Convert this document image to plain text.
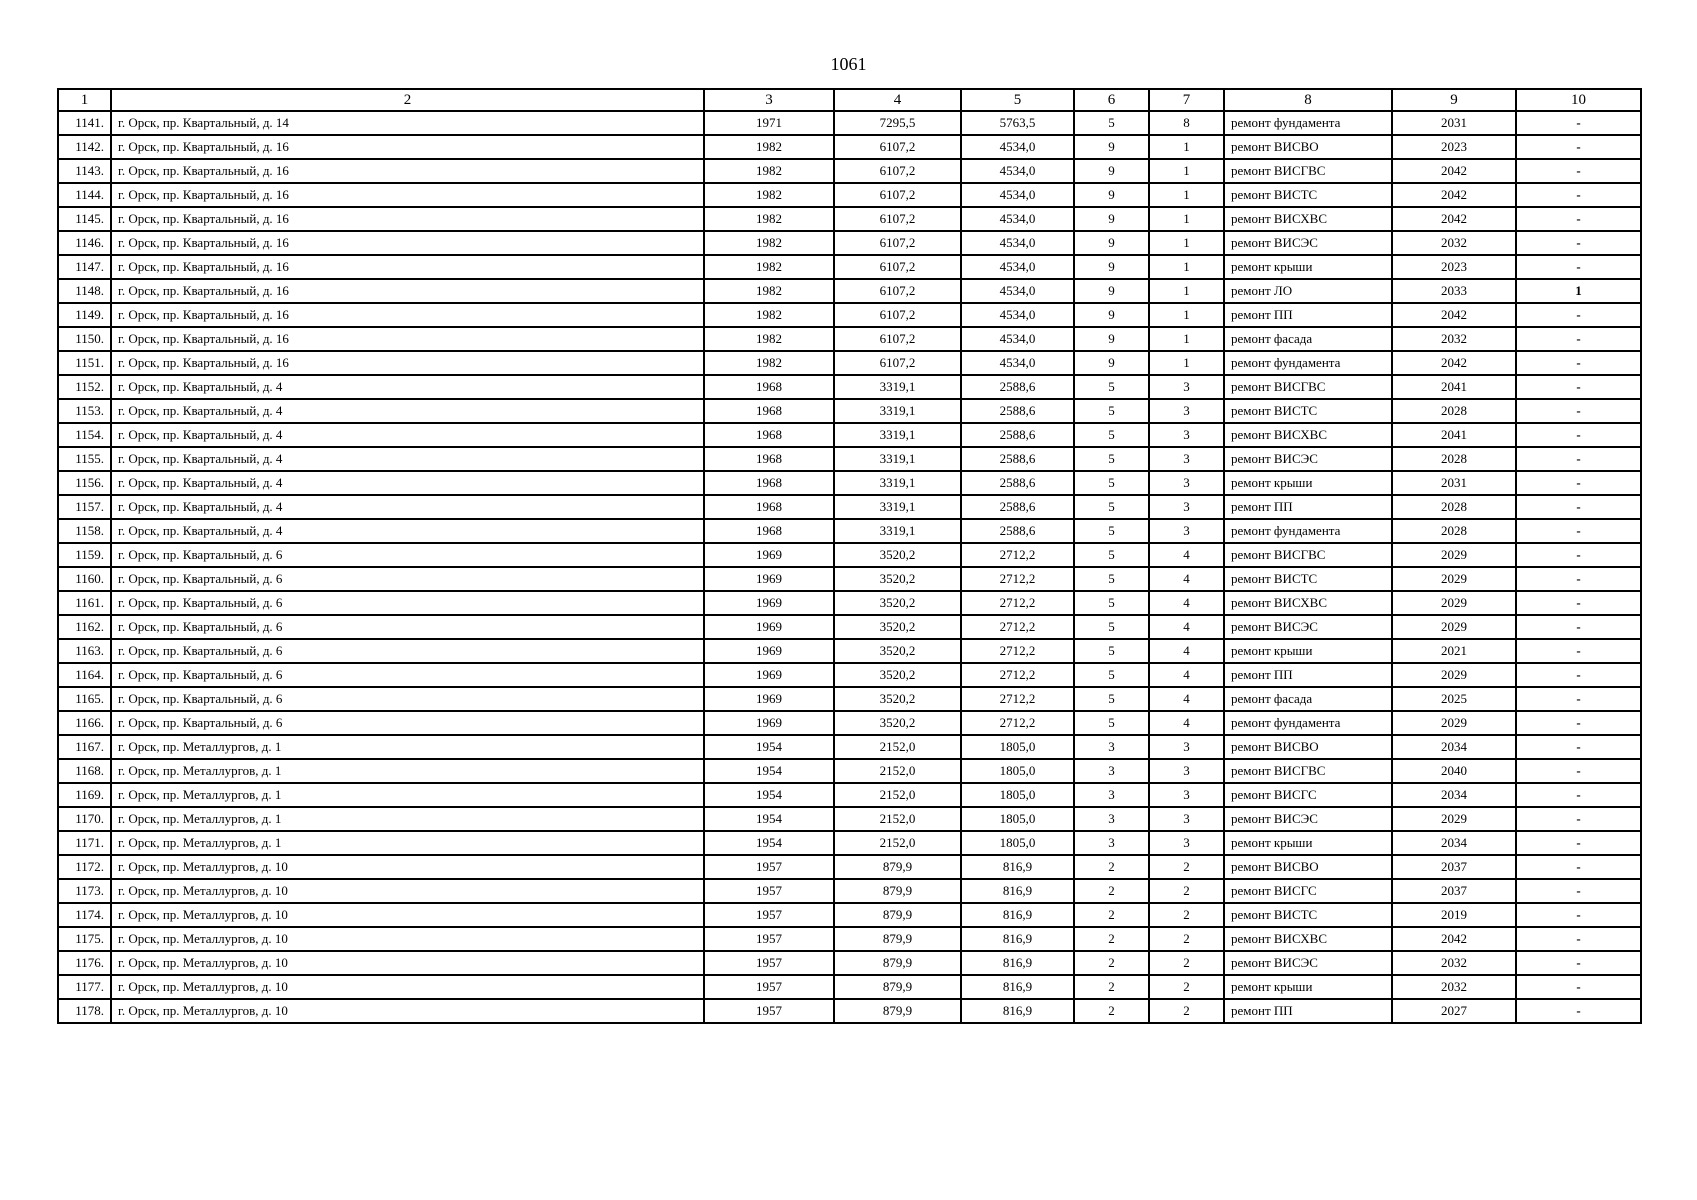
1061
1	2	3	4	5	6	7	8	9	10
1141.	г. Орск, пр. Квартальный, д. 14	1971	7295,5	5763,5	5	8	ремонт фундамента	2031	-
1142.	г. Орск, пр. Квартальный, д. 16	1982	6107,2	4534,0	9	1	ремонт ВИСВО	2023	-
1143.	г. Орск, пр. Квартальный, д. 16	1982	6107,2	4534,0	9	1	ремонт ВИСГВС	2042	-
1144.	г. Орск, пр. Квартальный, д. 16	1982	6107,2	4534,0	9	1	ремонт ВИСТС	2042	-
1145.	г. Орск, пр. Квартальный, д. 16	1982	6107,2	4534,0	9	1	ремонт ВИСХВС	2042	-
1146.	г. Орск, пр. Квартальный, д. 16	1982	6107,2	4534,0	9	1	ремонт ВИСЭС	2032	-
1147.	г. Орск, пр. Квартальный, д. 16	1982	6107,2	4534,0	9	1	ремонт крыши	2023	-
1148.	г. Орск, пр. Квартальный, д. 16	1982	6107,2	4534,0	9	1	ремонт ЛО	2033	1
1149.	г. Орск, пр. Квартальный, д. 16	1982	6107,2	4534,0	9	1	ремонт ПП	2042	-
1150.	г. Орск, пр. Квартальный, д. 16	1982	6107,2	4534,0	9	1	ремонт фасада	2032	-
1151.	г. Орск, пр. Квартальный, д. 16	1982	6107,2	4534,0	9	1	ремонт фундамента	2042	-
1152.	г. Орск, пр. Квартальный, д. 4	1968	3319,1	2588,6	5	3	ремонт ВИСГВС	2041	-
1153.	г. Орск, пр. Квартальный, д. 4	1968	3319,1	2588,6	5	3	ремонт ВИСТС	2028	-
1154.	г. Орск, пр. Квартальный, д. 4	1968	3319,1	2588,6	5	3	ремонт ВИСХВС	2041	-
1155.	г. Орск, пр. Квартальный, д. 4	1968	3319,1	2588,6	5	3	ремонт ВИСЭС	2028	-
1156.	г. Орск, пр. Квартальный, д. 4	1968	3319,1	2588,6	5	3	ремонт крыши	2031	-
1157.	г. Орск, пр. Квартальный, д. 4	1968	3319,1	2588,6	5	3	ремонт ПП	2028	-
1158.	г. Орск, пр. Квартальный, д. 4	1968	3319,1	2588,6	5	3	ремонт фундамента	2028	-
1159.	г. Орск, пр. Квартальный, д. 6	1969	3520,2	2712,2	5	4	ремонт ВИСГВС	2029	-
1160.	г. Орск, пр. Квартальный, д. 6	1969	3520,2	2712,2	5	4	ремонт ВИСТС	2029	-
1161.	г. Орск, пр. Квартальный, д. 6	1969	3520,2	2712,2	5	4	ремонт ВИСХВС	2029	-
1162.	г. Орск, пр. Квартальный, д. 6	1969	3520,2	2712,2	5	4	ремонт ВИСЭС	2029	-
1163.	г. Орск, пр. Квартальный, д. 6	1969	3520,2	2712,2	5	4	ремонт крыши	2021	-
1164.	г. Орск, пр. Квартальный, д. 6	1969	3520,2	2712,2	5	4	ремонт ПП	2029	-
1165.	г. Орск, пр. Квартальный, д. 6	1969	3520,2	2712,2	5	4	ремонт фасада	2025	-
1166.	г. Орск, пр. Квартальный, д. 6	1969	3520,2	2712,2	5	4	ремонт фундамента	2029	-
1167.	г. Орск, пр. Металлургов, д. 1	1954	2152,0	1805,0	3	3	ремонт ВИСВО	2034	-
1168.	г. Орск, пр. Металлургов, д. 1	1954	2152,0	1805,0	3	3	ремонт ВИСГВС	2040	-
1169.	г. Орск, пр. Металлургов, д. 1	1954	2152,0	1805,0	3	3	ремонт ВИСГС	2034	-
1170.	г. Орск, пр. Металлургов, д. 1	1954	2152,0	1805,0	3	3	ремонт ВИСЭС	2029	-
1171.	г. Орск, пр. Металлургов, д. 1	1954	2152,0	1805,0	3	3	ремонт крыши	2034	-
1172.	г. Орск, пр. Металлургов, д. 10	1957	879,9	816,9	2	2	ремонт ВИСВО	2037	-
1173.	г. Орск, пр. Металлургов, д. 10	1957	879,9	816,9	2	2	ремонт ВИСГС	2037	-
1174.	г. Орск, пр. Металлургов, д. 10	1957	879,9	816,9	2	2	ремонт ВИСТС	2019	-
1175.	г. Орск, пр. Металлургов, д. 10	1957	879,9	816,9	2	2	ремонт ВИСХВС	2042	-
1176.	г. Орск, пр. Металлургов, д. 10	1957	879,9	816,9	2	2	ремонт ВИСЭС	2032	-
1177.	г. Орск, пр. Металлургов, д. 10	1957	879,9	816,9	2	2	ремонт крыши	2032	-
1178.	г. Орск, пр. Металлургов, д. 10	1957	879,9	816,9	2	2	ремонт ПП	2027	-
